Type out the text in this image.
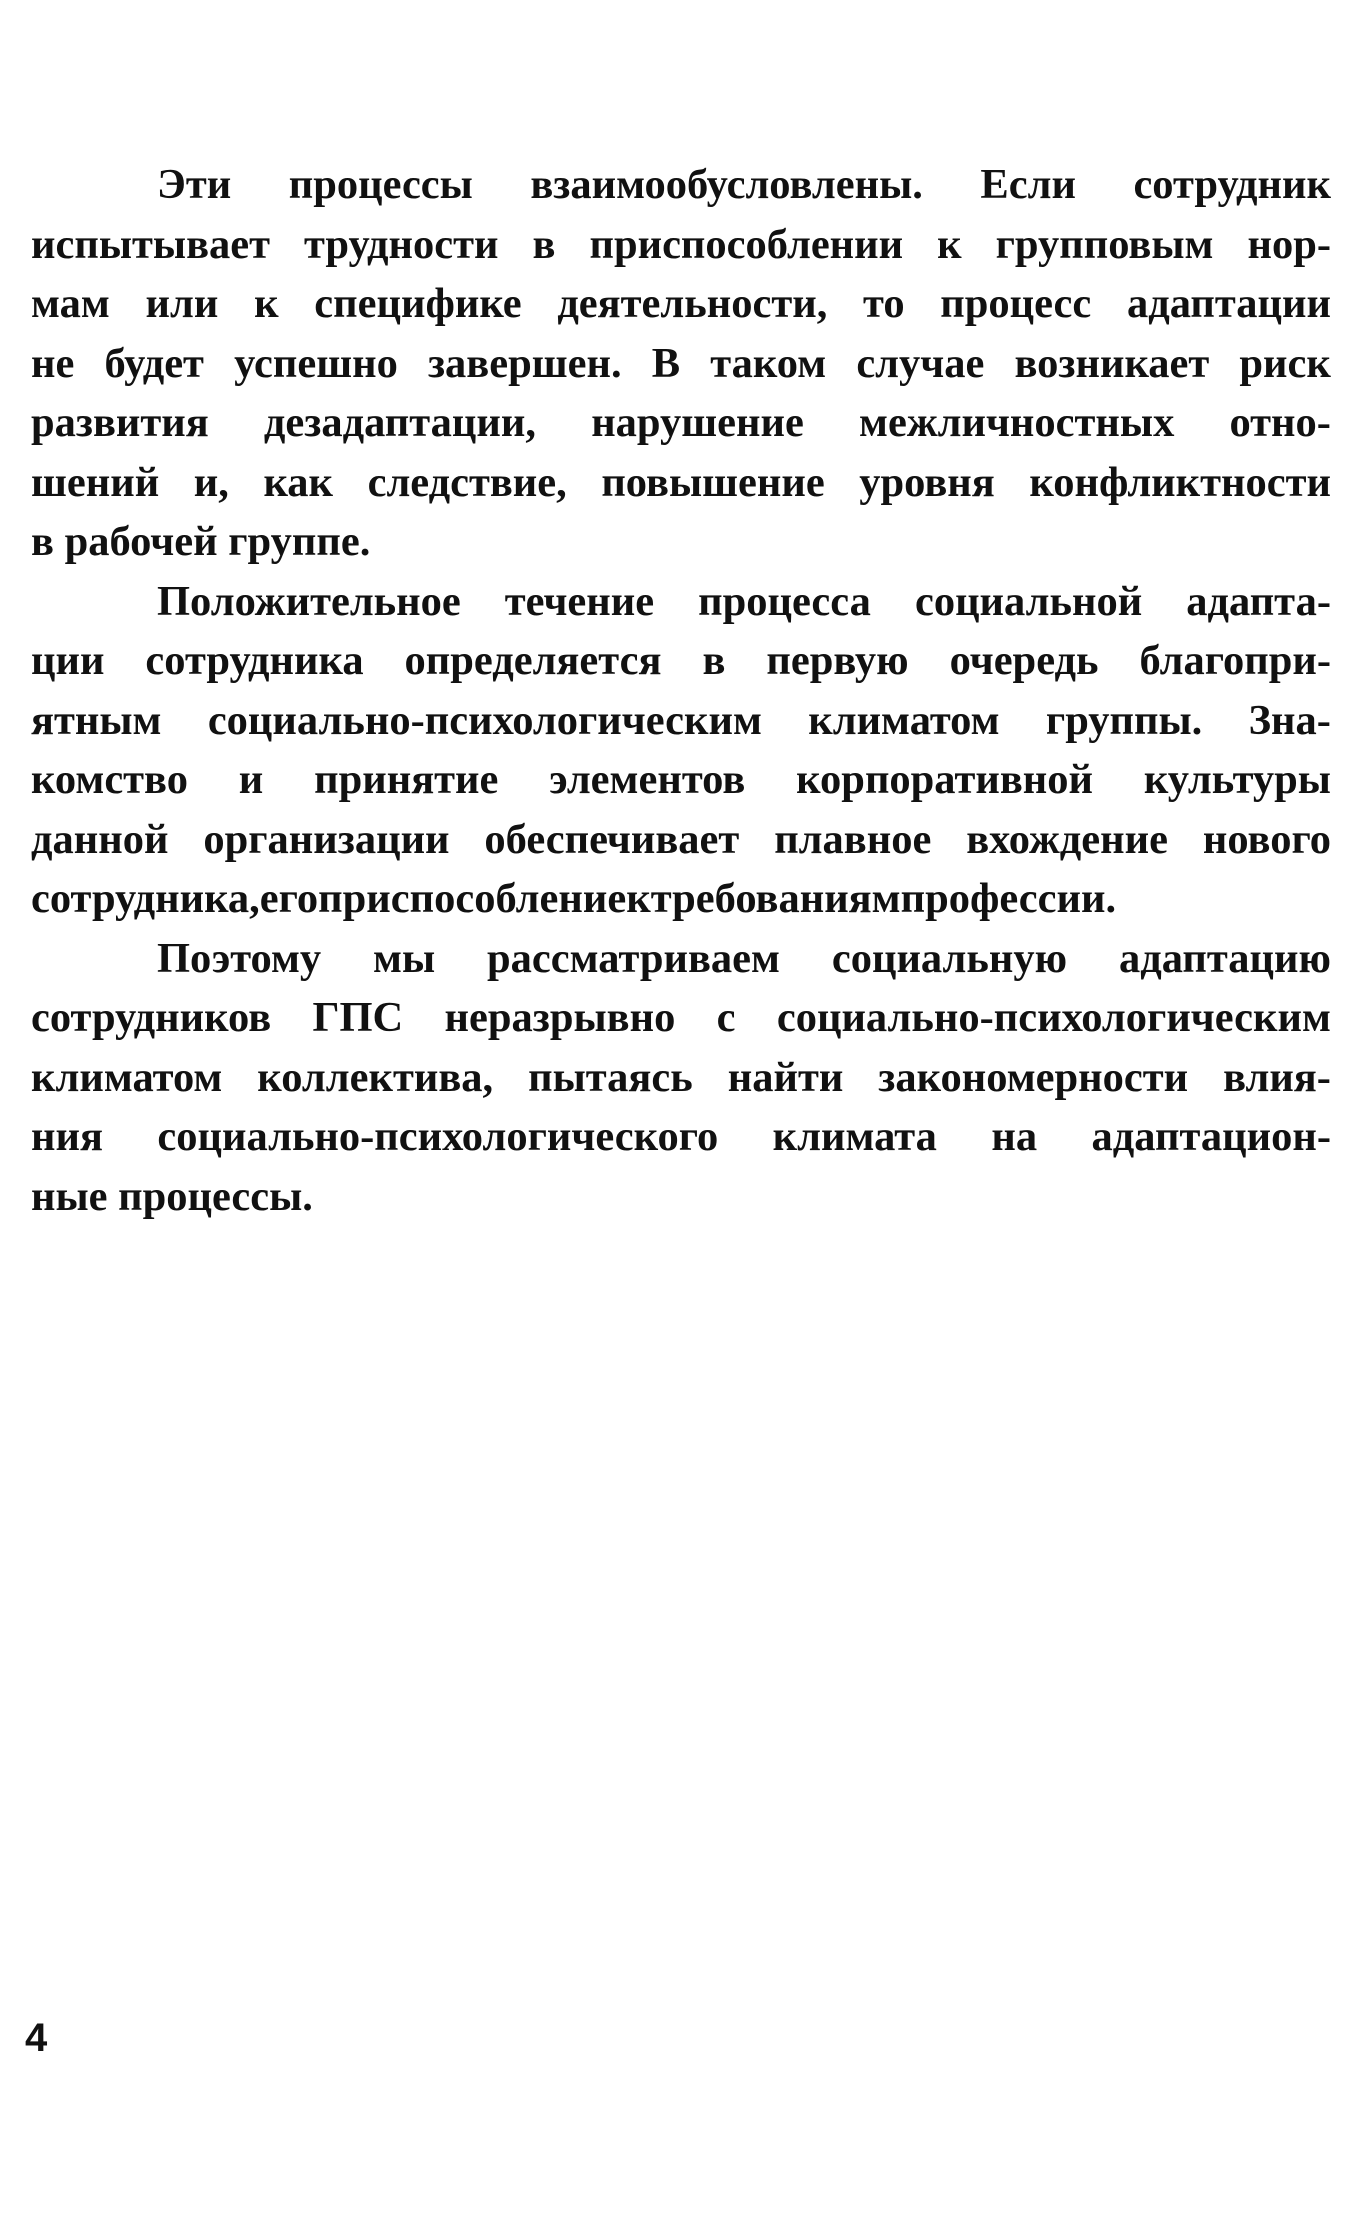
Эти процессы взаимообусловлены. Если сотрудник
испытывает трудности в приспособлении к групповым нор-
мам или к специфике деятельности, то процесс адаптации
не будет успешно завершен. В таком случае возникает риск
развития дезадаптации, нарушение межличностных отно-
шений и, как следствие, повышение уровня конфликтности
в рабочей группе.
Положительное течение процесса социальной адапта-
ции сотрудника определяется в первую очередь благопри-
ятным социально-психологическим климатом группы. Зна-
комство и принятие элементов корпоративной культуры
данной организации обеспечивает плавное вхождение нового
сотрудника, его приспособление к требованиям профессии.
Поэтому мы рассматриваем социальную адаптацию
сотрудников ГПС неразрывно с социально-психологическим
климатом коллектива, пытаясь найти закономерности влия-
ния социально-психологического климата на адаптацион-
ные процессы.
4
